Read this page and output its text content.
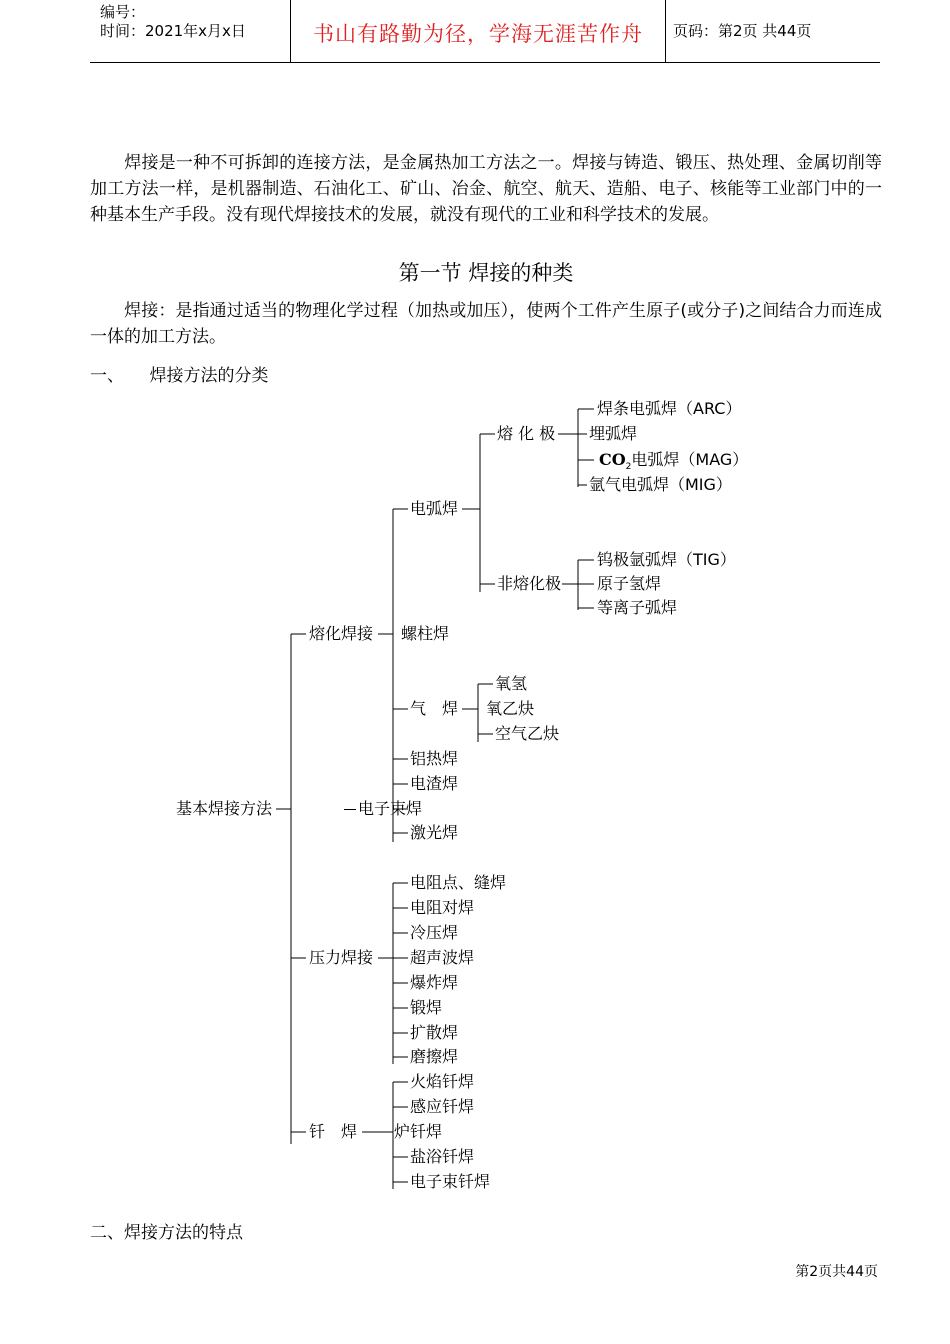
编号：
时间：2021年x月x日	书山有路勤为径，学海无涯苦作舟	页码：第2页 共44页
焊接是一种不可拆卸的连接方法，是金属热加工方法之一。焊接与铸造、锻压、热处理、金属切削等加工方法一样，是机器制造、石油化工、矿山、冶金、航空、航天、造船、电子、核能等工业部门中的一种基本生产手段。没有现代焊接技术的发展，就没有现代的工业和科学技术的发展。
第一节 焊接的种类
焊接：是指通过适当的物理化学过程（加热或加压），使两个工件产生原子(或分子)之间结合力而连成一体的加工方法。
一、　　焊接方法的分类
基本焊接方法
熔化焊接
电弧焊
熔 化 极
焊条电弧焊（ARC）
埋弧焊
$CO_2$电弧焊（MAG）
氩气电弧焊（MIG）
非熔化极
钨极氩弧焊（TIG）
原子氢焊
等离子弧焊
螺柱焊
气　焊
氧氢
氧乙炔
空气乙炔
铝热焊
电渣焊
电子束焊
激光焊
压力焊接
电阻点、缝焊
电阻对焊
冷压焊
超声波焊
爆炸焊
锻焊
扩散焊
磨擦焊
钎　焊
火焰钎焊
感应钎焊
炉钎焊
盐浴钎焊
电子束钎焊
二、焊接方法的特点
第2页共44页
